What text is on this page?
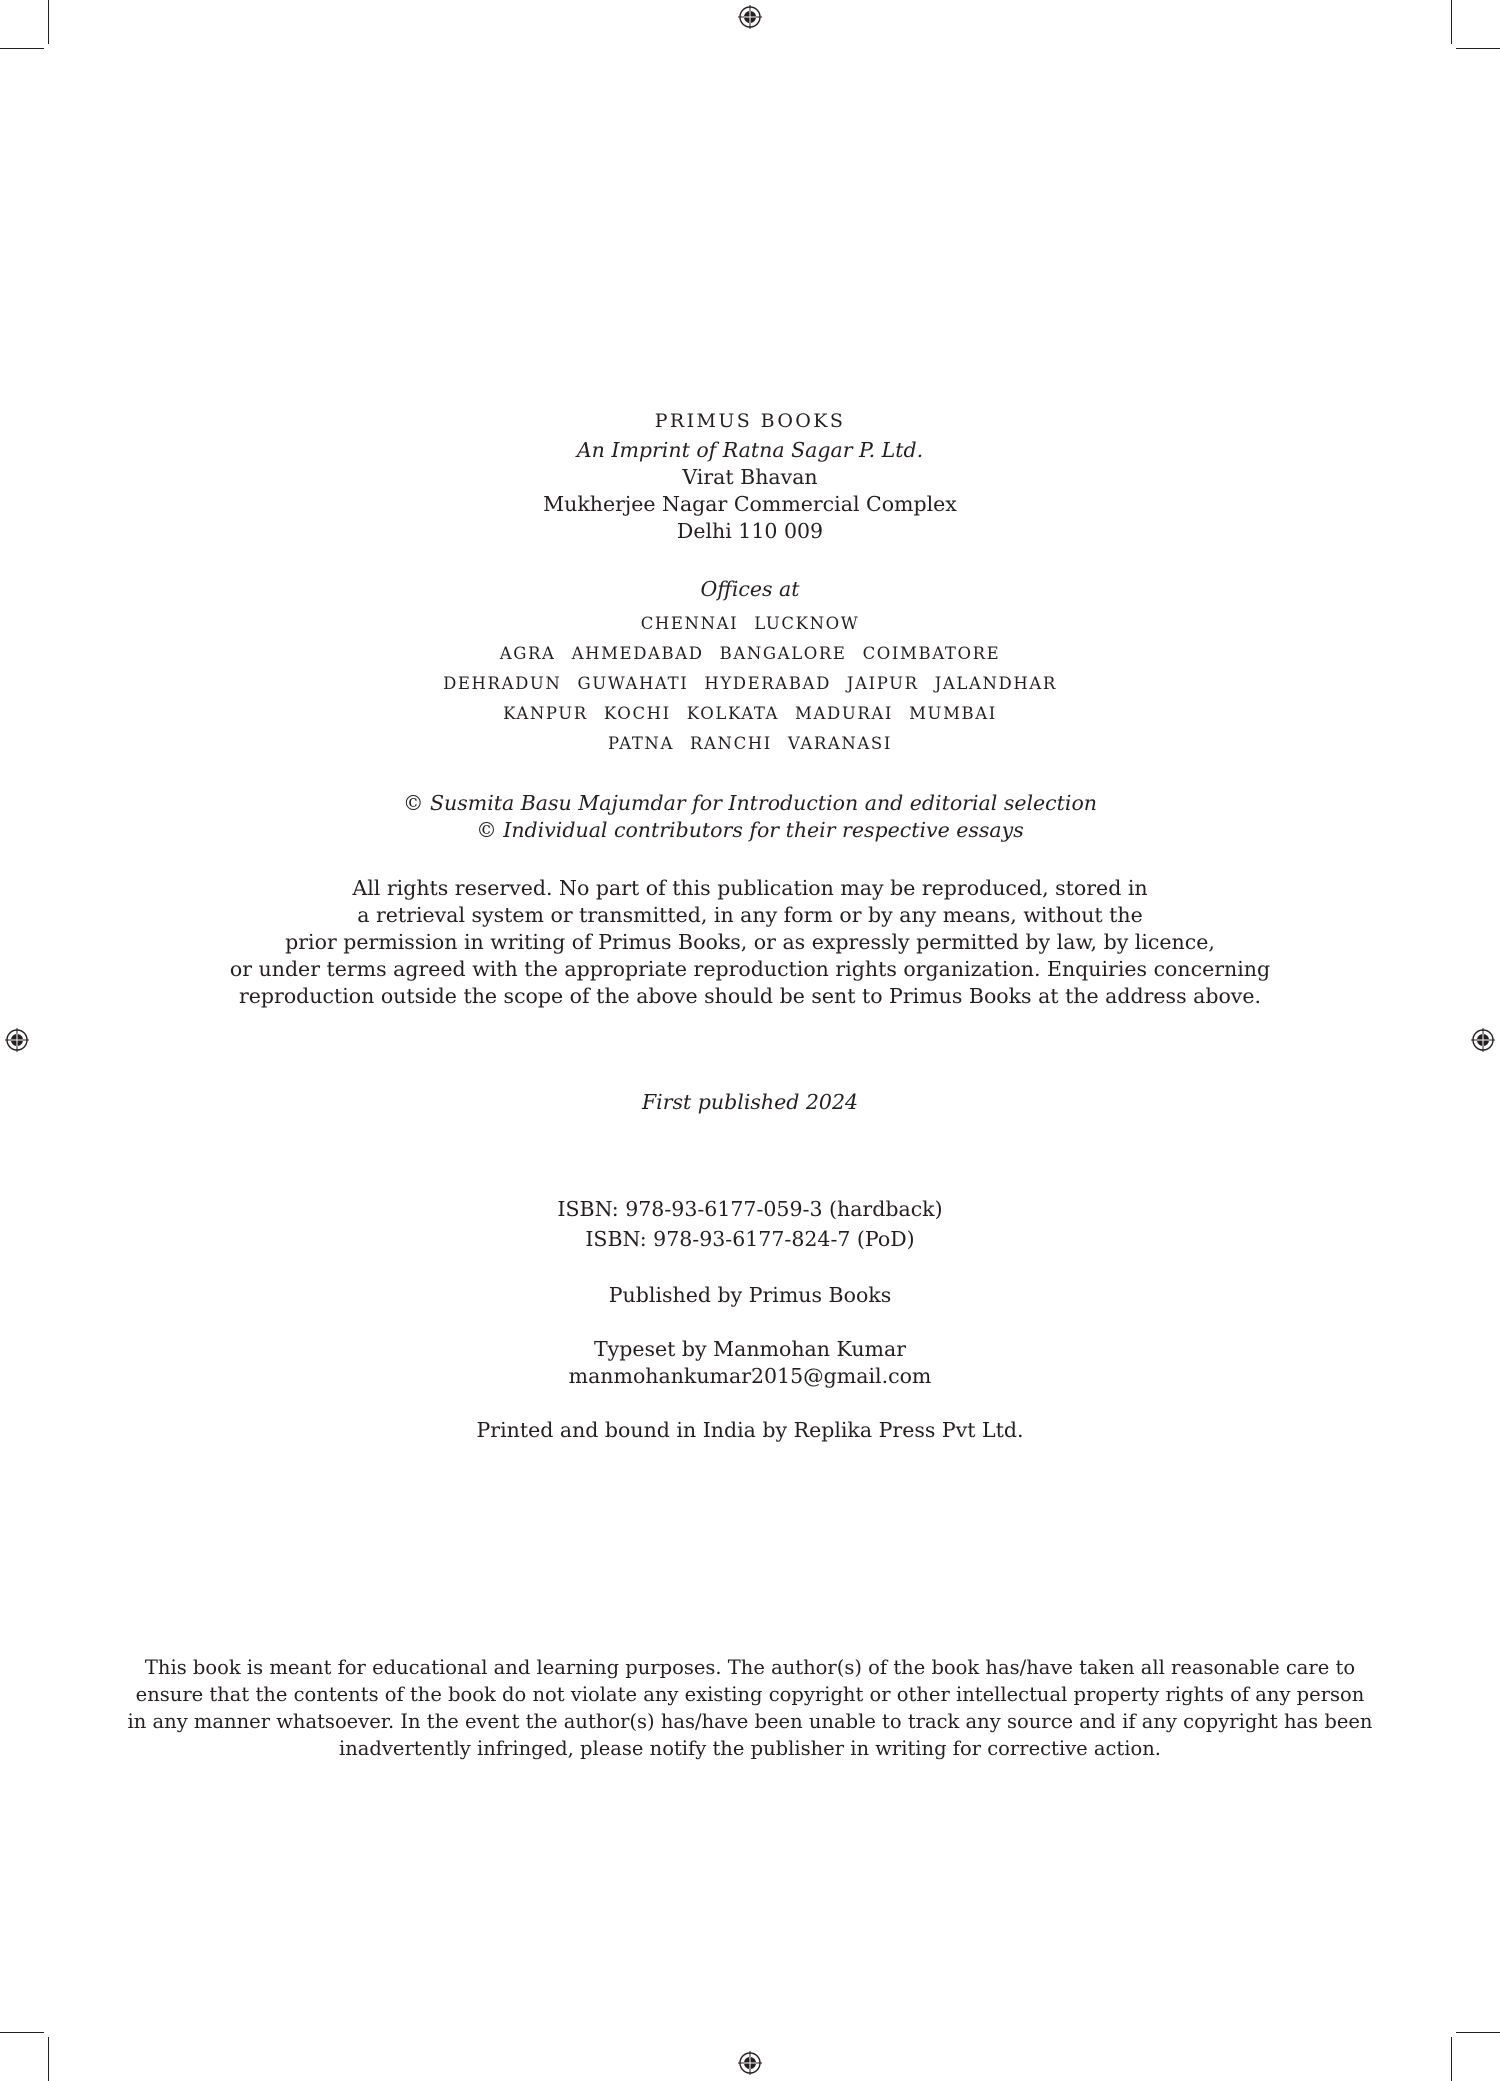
PRIMUS BOOKS
An Imprint of Ratna Sagar P. Ltd.
Virat Bhavan
Mukherjee Nagar Commercial Complex
Delhi 110 009
Offices at
CHENNAI LUCKNOW
AGRA AHMEDABAD BANGALORE COIMBATORE
DEHRADUN GUWAHATI HYDERABAD JAIPUR JALANDHAR
KANPUR KOCHI KOLKATA MADURAI MUMBAI
PATNA RANCHI VARANASI
© Susmita Basu Majumdar for Introduction and editorial selection
© Individual contributors for their respective essays
All rights reserved. No part of this publication may be reproduced, stored in
a retrieval system or transmitted, in any form or by any means, without the
prior permission in writing of Primus Books, or as expressly permitted by law, by licence,
or under terms agreed with the appropriate reproduction rights organization. Enquiries concerning
reproduction outside the scope of the above should be sent to Primus Books at the address above.
First published 2024
ISBN: 978-93-6177-059-3 (hardback)
ISBN: 978-93-6177-824-7 (PoD)
Published by Primus Books
Typeset by Manmohan Kumar
manmohankumar2015@gmail.com
Printed and bound in India by Replika Press Pvt Ltd.
This book is meant for educational and learning purposes. The author(s) of the book has/have taken all reasonable care to
ensure that the contents of the book do not violate any existing copyright or other intellectual property rights of any person
in any manner whatsoever. In the event the author(s) has/have been unable to track any source and if any copyright has been
inadvertently infringed, please notify the publisher in writing for corrective action.
